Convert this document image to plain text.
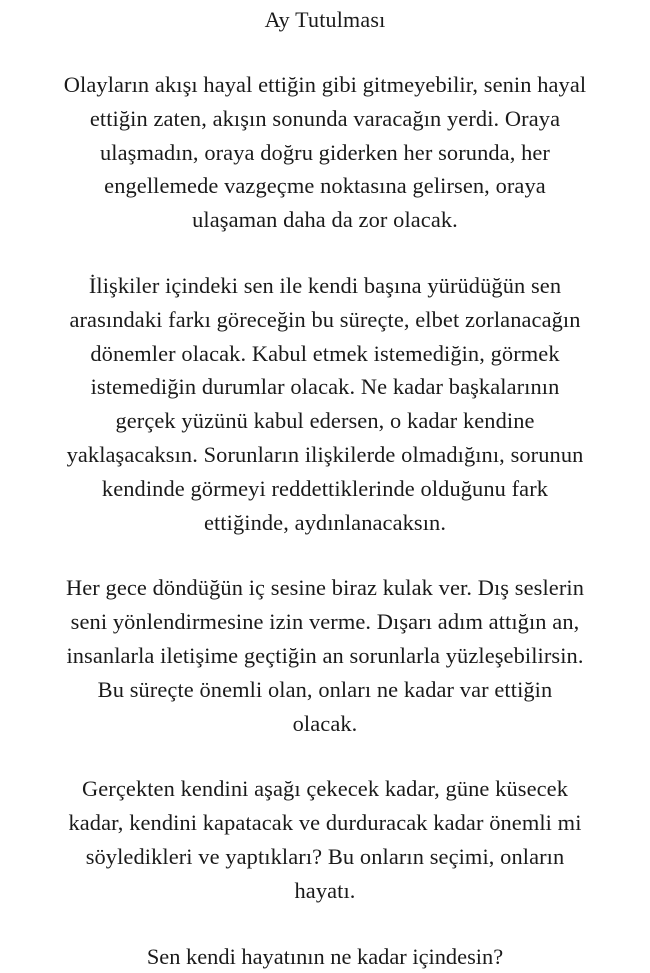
Ay Tutulması

Olayların akışı hayal ettiğin gibi gitmeyebilir, senin hayal
ettiğin zaten, akışın sonunda varacağın yerdi. Oraya
ulaşmadın, oraya doğru giderken her sorunda, her
engellemede vazgeçme noktasına gelirsen, oraya
ulaşaman daha da zor olacak.

İlişkiler içindeki sen ile kendi başına yürüdüğün sen
arasındaki farkı göreceğin bu süreçte, elbet zorlanacağın
dönemler olacak. Kabul etmek istemediğin, görmek
istemediğin durumlar olacak. Ne kadar başkalarının
gerçek yüzünü kabul edersen, o kadar kendine
yaklaşacaksın. Sorunların ilişkilerde olmadığını, sorunun
kendinde görmeyi reddettiklerinde olduğunu fark
ettiğinde, aydınlanacaksın.

Her gece döndüğün iç sesine biraz kulak ver. Dış seslerin
seni yönlendirmesine izin verme. Dışarı adım attığın an,
insanlarla iletişime geçtiğin an sorunlarla yüzleşebilirsin.
Bu süreçte önemli olan, onları ne kadar var ettiğin
olacak.

Gerçekten kendini aşağı çekecek kadar, güne küsecek
kadar, kendini kapatacak ve durduracak kadar önemli mi
söyledikleri ve yaptıkları? Bu onların seçimi, onların
hayatı.

Sen kendi hayatının ne kadar içindesin?
